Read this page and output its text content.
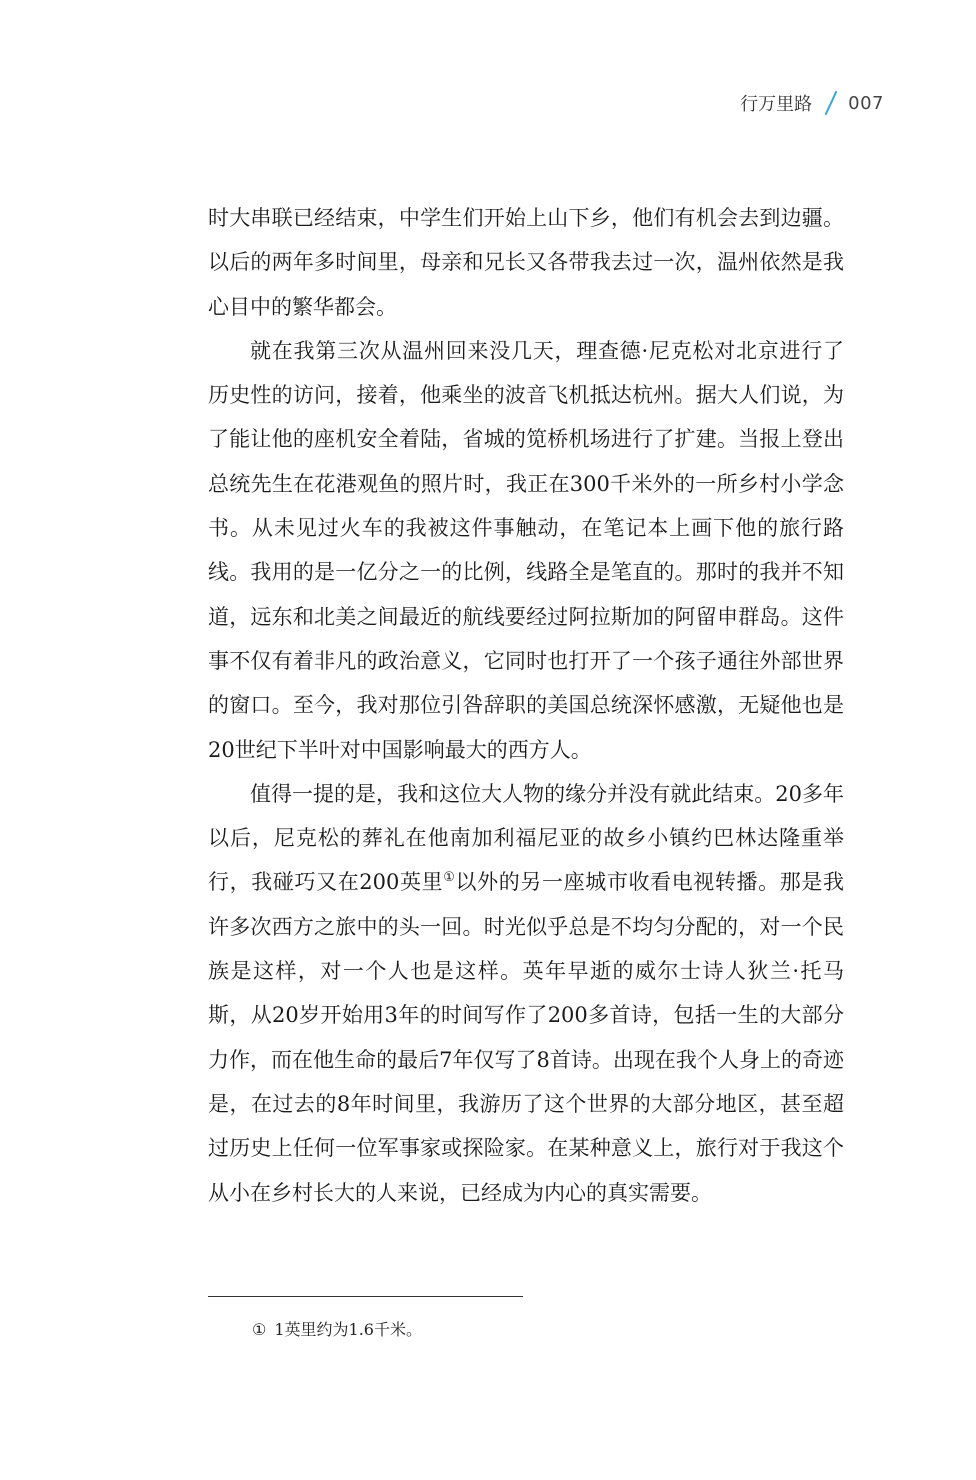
行万里路 007

时大串联已经结束，中学生们开始上山下乡，他们有机会去到边疆。以后的两年多时间里，母亲和兄长又各带我去过一次，温州依然是我心目中的繁华都会。

就在我第三次从温州回来没几天，理查德·尼克松对北京进行了历史性的访问，接着，他乘坐的波音飞机抵达杭州。据大人们说，为了能让他的座机安全着陆，省城的笕桥机场进行了扩建。当报上登出总统先生在花港观鱼的照片时，我正在300千米外的一所乡村小学念书。从未见过火车的我被这件事触动，在笔记本上画下他的旅行路线。我用的是一亿分之一的比例，线路全是笔直的。那时的我并不知道，远东和北美之间最近的航线要经过阿拉斯加的阿留申群岛。这件事不仅有着非凡的政治意义，它同时也打开了一个孩子通往外部世界的窗口。至今，我对那位引咎辞职的美国总统深怀感激，无疑他也是20世纪下半叶对中国影响最大的西方人。

值得一提的是，我和这位大人物的缘分并没有就此结束。20多年以后，尼克松的葬礼在他南加利福尼亚的故乡小镇约巴林达隆重举行，我碰巧又在200英里①以外的另一座城市收看电视转播。那是我许多次西方之旅中的头一回。时光似乎总是不均匀分配的，对一个民族是这样，对一个人也是这样。英年早逝的威尔士诗人狄兰·托马斯，从20岁开始用3年的时间写作了200多首诗，包括一生的大部分力作，而在他生命的最后7年仅写了8首诗。出现在我个人身上的奇迹是，在过去的8年时间里，我游历了这个世界的大部分地区，甚至超过历史上任何一位军事家或探险家。在某种意义上，旅行对于我这个从小在乡村长大的人来说，已经成为内心的真实需要。

① 1英里约为1.6千米。
